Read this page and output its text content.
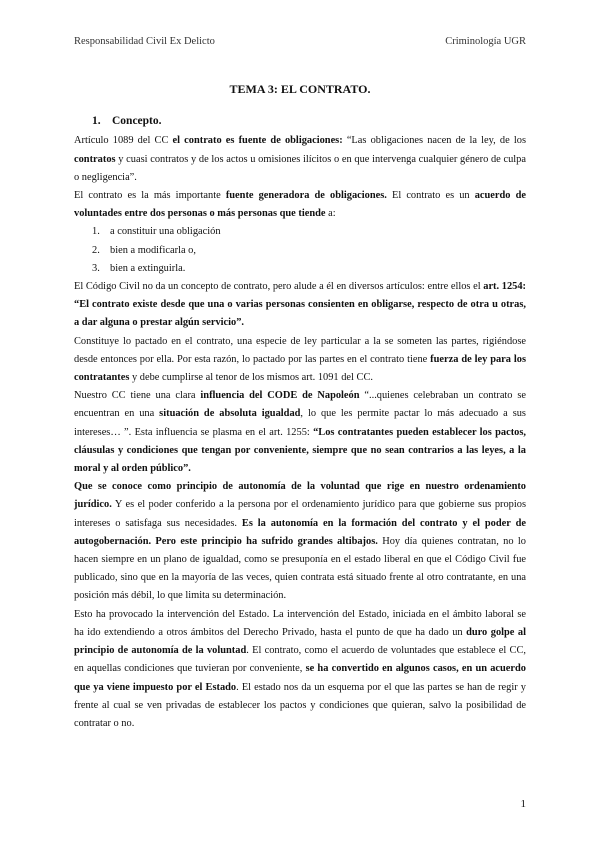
Responsabilidad Civil Ex Delicto	Criminología UGR
TEMA 3: EL CONTRATO.
1. Concepto.

Artículo 1089 del CC el contrato es fuente de obligaciones: “Las obligaciones nacen de la ley, de los contratos y cuasi contratos y de los actos u omisiones ilícitos o en que intervenga cualquier género de culpa o negligencia”.

El contrato es la más importante fuente generadora de obligaciones. El contrato es un acuerdo de voluntades entre dos personas o más personas que tiende a:

1. a constituir una obligación
2. bien a modificarla o,
3. bien a extinguirla.

El Código Civil no da un concepto de contrato, pero alude a él en diversos artículos: entre ellos el art. 1254: “El contrato existe desde que una o varias personas consienten en obligarse, respecto de otra u otras, a dar alguna o prestar algún servicio”.

Constituye lo pactado en el contrato, una especie de ley particular a la se someten las partes, rigiéndose desde entonces por ella. Por esta razón, lo pactado por las partes en el contrato tiene fuerza de ley para los contratantes y debe cumplirse al tenor de los mismos art. 1091 del CC.

Nuestro CC tiene una clara influencia del CODE de Napoleón “...quienes celebraban un contrato se encuentran en una situación de absoluta igualdad, lo que les permite pactar lo más adecuado a sus intereses… ”. Esta influencia se plasma en el art. 1255: “Los contratantes pueden establecer los pactos, cláusulas y condiciones que tengan por conveniente, siempre que no sean contrarios a las leyes, a la moral y al orden público”.

Que se conoce como principio de autonomía de la voluntad que rige en nuestro ordenamiento jurídico. Y es el poder conferido a la persona por el ordenamiento jurídico para que gobierne sus propios intereses o satisfaga sus necesidades. Es la autonomía en la formación del contrato y el poder de autogobernación. Pero este principio ha sufrido grandes altibajos. Hoy día quienes contratan, no lo hacen siempre en un plano de igualdad, como se presuponía en el estado liberal en que el Código Civil fue publicado, sino que en la mayoría de las veces, quien contrata está situado frente al otro contratante, en una posición más débil, lo que limita su determinación.

Esto ha provocado la intervención del Estado. La intervención del Estado, iniciada en el ámbito laboral se ha ido extendiendo a otros ámbitos del Derecho Privado, hasta el punto de que ha dado un duro golpe al principio de autonomía de la voluntad. El contrato, como el acuerdo de voluntades que establece el CC, en aquellas condiciones que tuvieran por conveniente, se ha convertido en algunos casos, en un acuerdo que ya viene impuesto por el Estado. El estado nos da un esquema por el que las partes se han de regir y frente al cual se ven privadas de establecer los pactos y condiciones que quieran, salvo la posibilidad de contratar o no.

1
